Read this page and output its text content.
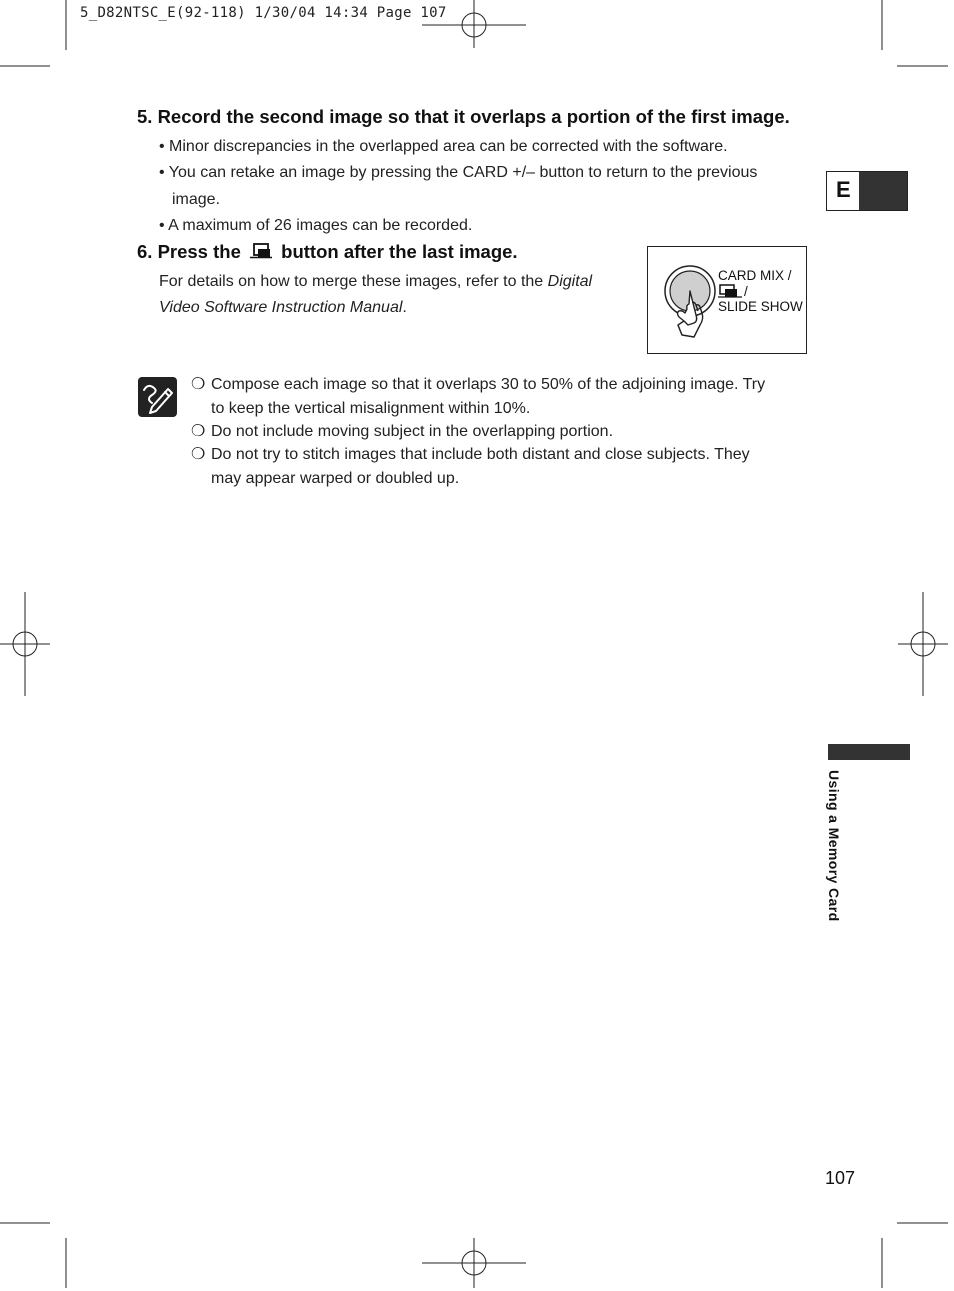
5_D82NTSC_E(92-118) 1/30/04 14:34 Page 107
5. Record the second image so that it overlaps a portion of the first image.
• Minor discrepancies in the overlapped area can be corrected with the software.
• You can retake an image by pressing the CARD +/– button to return to the previous
image.
• A maximum of 26 images can be recorded.
6. Press the button after the last image.
For details on how to merge these images, refer to the Digital
Video Software Instruction Manual.
CARD MIX /
/
SLIDE SHOW
❍ Compose each image so that it overlaps 30 to 50% of the adjoining image. Try
to keep the vertical misalignment within 10%.
❍ Do not include moving subject in the overlapping portion.
❍ Do not try to stitch images that include both distant and close subjects. They
may appear warped or doubled up.
E
Using a Memory Card
107
